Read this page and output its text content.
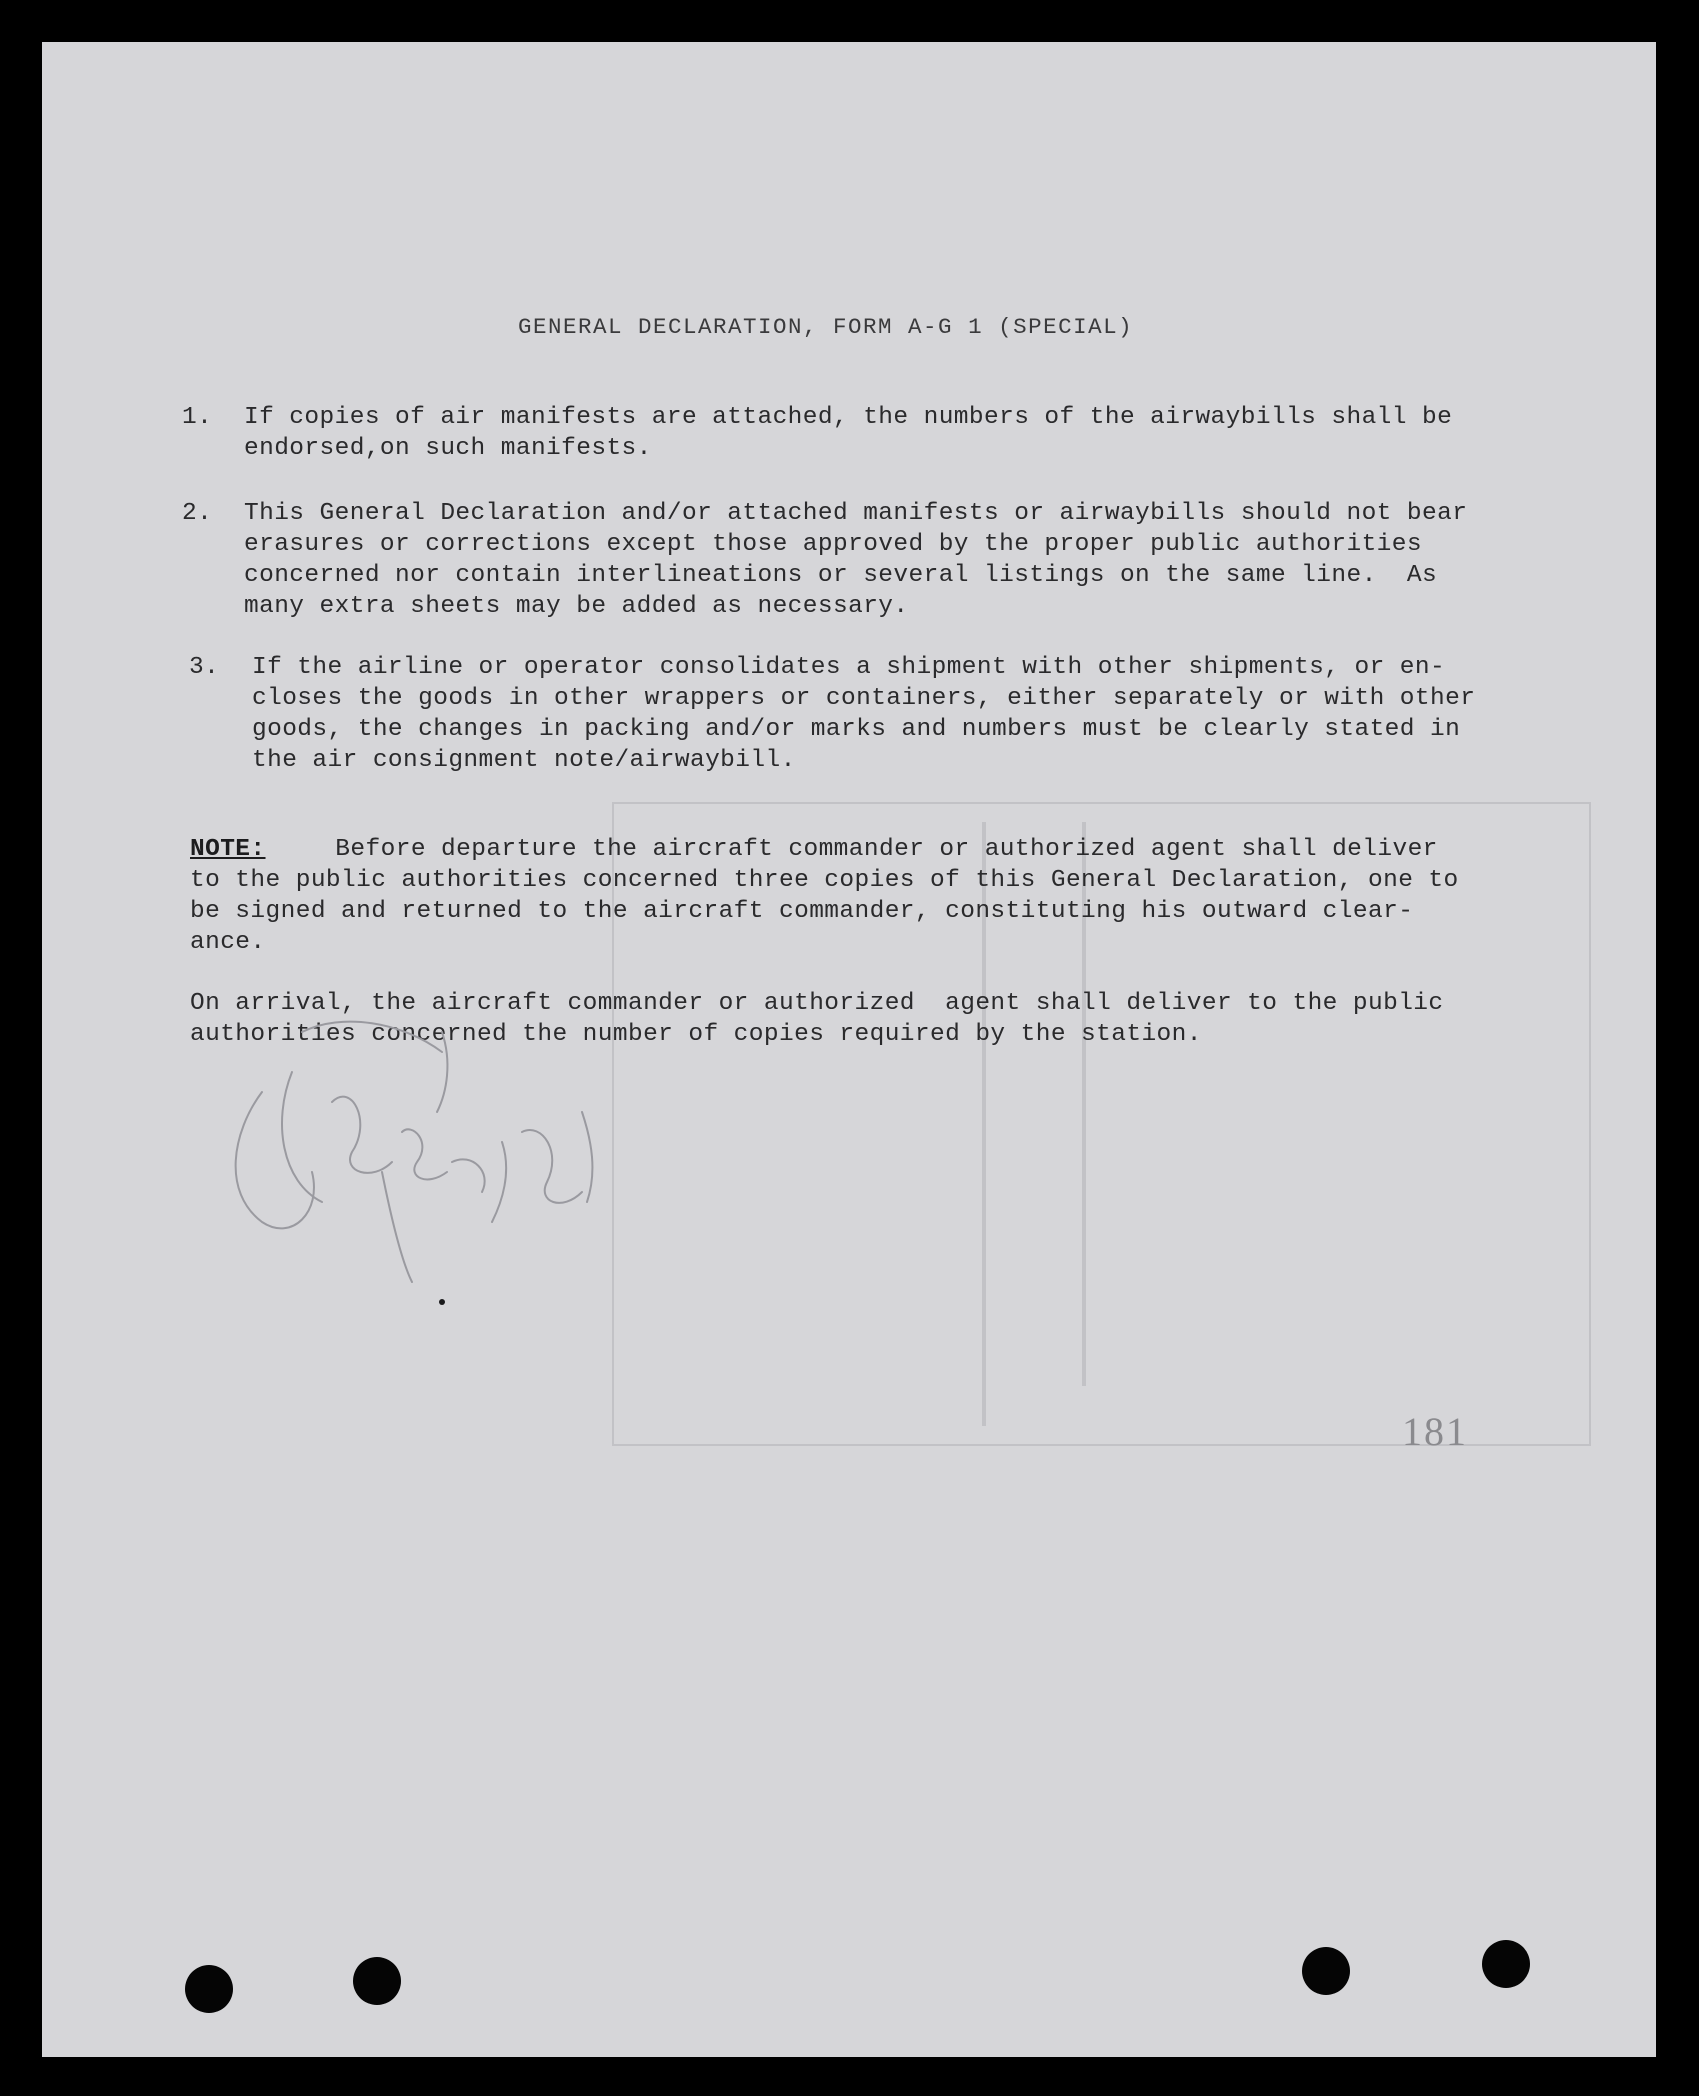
GENERAL DECLARATION, FORM A-G 1 (SPECIAL)
1.	If copies of air manifests are attached, the numbers of the airwaybills shall be
endorsed,on such manifests.
2.	This General Declaration and/or attached manifests or airwaybills should not bear
erasures or corrections except those approved by the proper public authorities
concerned nor contain interlineations or several listings on the same line.  As
many extra sheets may be added as necessary.
3.	If the airline or operator consolidates a shipment with other shipments, or en-
closes the goods in other wrappers or containers, either separately or with other
goods, the changes in packing and/or marks and numbers must be clearly stated in
the air consignment note/airwaybill.
NOTE: Before departure the aircraft commander or authorized agent shall deliver
to the public authorities concerned three copies of this General Declaration, one to
be signed and returned to the aircraft commander, constituting his outward clear-
ance.
On arrival, the aircraft commander or authorized  agent shall deliver to the public
authorities concerned the number of copies required by the station.
181
